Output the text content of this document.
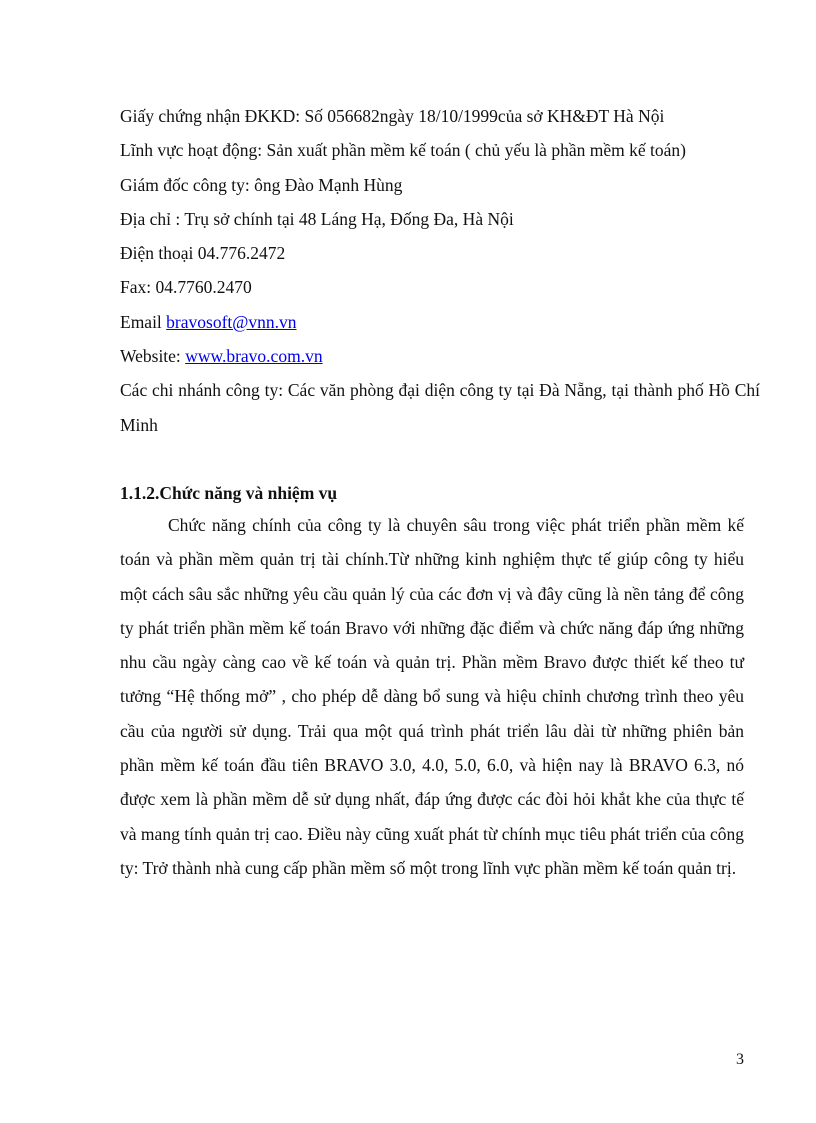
Giấy chứng nhận ĐKKD: Số 056682ngày 18/10/1999của sở KH&ĐT Hà Nội
Lĩnh vực hoạt động: Sản xuất phần mềm kế toán ( chủ yếu là phần mềm kế toán)
Giám đốc công ty: ông Đào Mạnh Hùng
Địa chỉ : Trụ sở chính tại 48 Láng Hạ, Đống Đa, Hà Nội
Điện thoại 04.776.2472
Fax: 04.7760.2470
Email bravosoft@vnn.vn
Website: www.bravo.com.vn
Các chi nhánh công ty: Các văn phòng đại diện công ty tại Đà Nẵng, tại thành phố Hồ Chí Minh
1.1.2.Chức năng và nhiệm vụ

Chức năng chính của công ty là chuyên sâu trong việc phát triển phần mềm kế toán và phần mềm quản trị tài chính.Từ những kinh nghiệm thực tế giúp công ty hiểu một cách sâu sắc những yêu cầu quản lý của các đơn vị và đây cũng là nền tảng để công ty phát triển phần mềm kế toán Bravo với những đặc điểm và chức năng đáp ứng những nhu cầu ngày càng cao về kế toán và quản trị. Phần mềm Bravo được thiết kế theo tư tưởng “Hệ thống mở” , cho phép dễ dàng bổ sung và hiệu chỉnh chương trình theo yêu cầu của người sử dụng. Trải qua một quá trình phát triển lâu dài từ những phiên bản phần mềm kế toán đầu tiên BRAVO 3.0, 4.0, 5.0, 6.0, và hiện nay là BRAVO 6.3, nó được xem là phần mềm dễ sử dụng nhất, đáp ứng được các đòi hỏi khắt khe của thực tế và mang tính quản trị cao. Điều này cũng xuất phát từ chính mục tiêu phát triển của công ty: Trở thành nhà cung cấp phần mềm số một trong lĩnh vực phần mềm kế toán quản trị.

3
